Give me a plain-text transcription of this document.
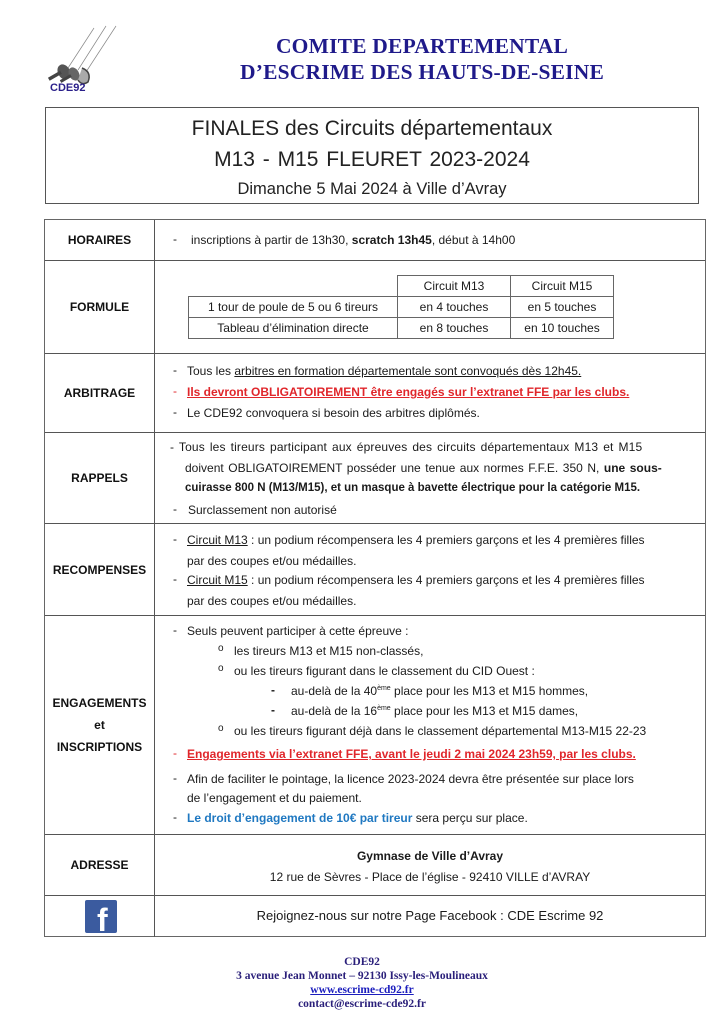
CDE92
COMITE DEPARTEMENTAL
D’ESCRIME DES HAUTS-DE-SEINE
FINALES des Circuits départementaux
M13 - M15 FLEURET 2023-2024
Dimanche 5 Mai 2024 à Ville d’Avray
HORAIRES	- inscriptions à partir de 13h30, scratch 13h45, début à 14h00
FORMULE
	Circuit M13	Circuit M15
1 tour de poule de 5 ou 6 tireurs	en 4 touches	en 5 touches
Tableau d’élimination directe	en 8 touches	en 10 touches
ARBITRAGE
- Tous les arbitres en formation départementale sont convoqués dès 12h45.
- Ils devront OBLIGATOIREMENT être engagés sur l’extranet FFE par les clubs.
- Le CDE92 convoquera si besoin des arbitres diplômés.
RAPPELS
- Tous les tireurs participant aux épreuves des circuits départementaux M13 et M15
doivent OBLIGATOIREMENT posséder une tenue aux normes F.F.E. 350 N, une sous-
cuirasse 800 N (M13/M15), et un masque à bavette électrique pour la catégorie M15.
- Surclassement non autorisé
RECOMPENSES
- Circuit M13 : un podium récompensera les 4 premiers garçons et les 4 premières filles
par des coupes et/ou médailles.
- Circuit M15 : un podium récompensera les 4 premiers garçons et les 4 premières filles
par des coupes et/ou médailles.
ENGAGEMENTS
et
INSCRIPTIONS
- Seuls peuvent participer à cette épreuve :
o les tireurs M13 et M15 non-classés,
o ou les tireurs figurant dans le classement du CID Ouest :
- au-delà de la 40ème place pour les M13 et M15 hommes,
- au-delà de la 16ème place pour les M13 et M15 dames,
o ou les tireurs figurant déjà dans le classement départemental M13-M15 22-23
- Engagements via l’extranet FFE, avant le jeudi 2 mai 2024 23h59, par les clubs.
- Afin de faciliter le pointage, la licence 2023-2024 devra être présentée sur place lors
de l’engagement et du paiement.
- Le droit d’engagement de 10€ par tireur sera perçu sur place.
ADRESSE
Gymnase de Ville d’Avray
12 rue de Sèvres - Place de l’église - 92410 VILLE d’AVRAY
f	Rejoignez-nous sur notre Page Facebook : CDE Escrime 92
CDE92
3 avenue Jean Monnet – 92130 Issy-les-Moulineaux
www.escrime-cd92.fr
contact@escrime-cde92.fr
